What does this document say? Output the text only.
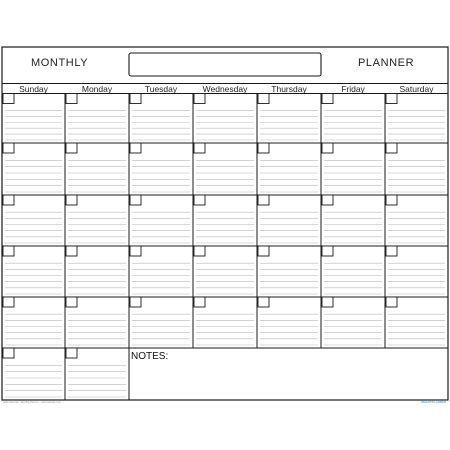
MONTHLY	PLANNER
Sunday	Monday	Tuesday	Wednesday	Thursday	Friday	Saturday
NOTES:
Wall Calendar · Monthly Planner · www.website.com	SMARTPLANNER
